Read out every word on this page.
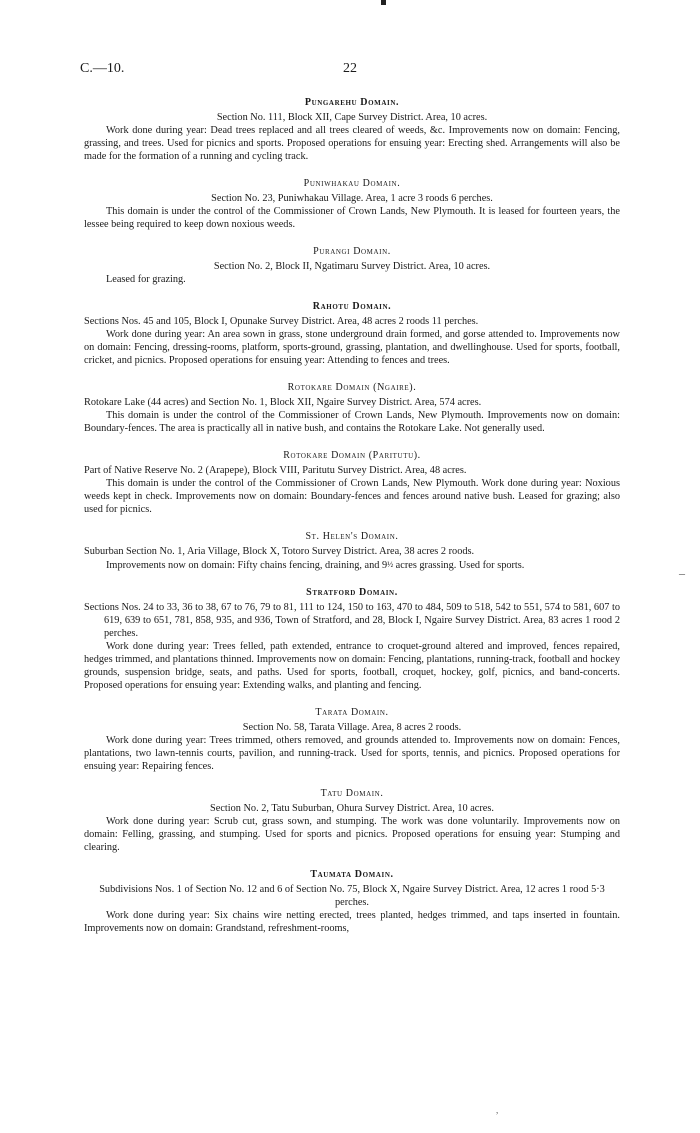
–
,
C.—10.	22
Pungarehu Domain.

Section No. 111, Block XII, Cape Survey District. Area, 10 acres.

Work done during year: Dead trees replaced and all trees cleared of weeds, &c. Improvements now on domain: Fencing, grassing, and trees. Used for picnics and sports. Proposed operations for ensuing year: Erecting shed. Arrangements will also be made for the formation of a running and cycling track.

Puniwhakau Domain.

Section No. 23, Puniwhakau Village. Area, 1 acre 3 roods 6 perches.

This domain is under the control of the Commissioner of Crown Lands, New Plymouth. It is leased for fourteen years, the lessee being required to keep down noxious weeds.

Purangi Domain.

Section No. 2, Block II, Ngatimaru Survey District. Area, 10 acres.

Leased for grazing.

Rahotu Domain.

Sections Nos. 45 and 105, Block I, Opunake Survey District. Area, 48 acres 2 roods 11 perches.

Work done during year: An area sown in grass, stone underground drain formed, and gorse attended to. Improvements now on domain: Fencing, dressing-rooms, platform, sports-ground, grassing, plantation, and dwellinghouse. Used for sports, football, cricket, and picnics. Proposed operations for ensuing year: Attending to fences and trees.

Rotokare Domain (Ngaire).

Rotokare Lake (44 acres) and Section No. 1, Block XII, Ngaire Survey District. Area, 574 acres.

This domain is under the control of the Commissioner of Crown Lands, New Plymouth. Improvements now on domain: Boundary-fences. The area is practically all in native bush, and contains the Rotokare Lake. Not generally used.

Rotokare Domain (Paritutu).

Part of Native Reserve No. 2 (Arapepe), Block VIII, Paritutu Survey District. Area, 48 acres.

This domain is under the control of the Commissioner of Crown Lands, New Plymouth. Work done during year: Noxious weeds kept in check. Improvements now on domain: Boundary-fences and fences around native bush. Leased for grazing; also used for picnics.

St. Helen's Domain.

Suburban Section No. 1, Aria Village, Block X, Totoro Survey District. Area, 38 acres 2 roods.

Improvements now on domain: Fifty chains fencing, draining, and 9½ acres grassing. Used for sports.

Stratford Domain.

Sections Nos. 24 to 33, 36 to 38, 67 to 76, 79 to 81, 111 to 124, 150 to 163, 470 to 484, 509 to 518, 542 to 551, 574 to 581, 607 to 619, 639 to 651, 781, 858, 935, and 936, Town of Stratford, and 28, Block I, Ngaire Survey District. Area, 83 acres 1 rood 2 perches.

Work done during year: Trees felled, path extended, entrance to croquet-ground altered and improved, fences repaired, hedges trimmed, and plantations thinned. Improvements now on domain: Fencing, plantations, running-track, football and hockey grounds, suspension bridge, seats, and paths. Used for sports, football, croquet, hockey, golf, picnics, and band-concerts. Proposed operations for ensuing year: Extending walks, and planting and fencing.

Tarata Domain.

Section No. 58, Tarata Village. Area, 8 acres 2 roods.

Work done during year: Trees trimmed, others removed, and grounds attended to. Improvements now on domain: Fences, plantations, two lawn-tennis courts, pavilion, and running-track. Used for sports, tennis, and picnics. Proposed operations for ensuing year: Repairing fences.

Tatu Domain.

Section No. 2, Tatu Suburban, Ohura Survey District. Area, 10 acres.

Work done during year: Scrub cut, grass sown, and stumping. The work was done voluntarily. Improvements now on domain: Felling, grassing, and stumping. Used for sports and picnics. Proposed operations for ensuing year: Stumping and clearing.

Taumata Domain.

Subdivisions Nos. 1 of Section No. 12 and 6 of Section No. 75, Block X, Ngaire Survey District. Area, 12 acres 1 rood 5·3 perches.

Work done during year: Six chains wire netting erected, trees planted, hedges trimmed, and taps inserted in fountain. Improvements now on domain: Grandstand, refreshment-rooms,
